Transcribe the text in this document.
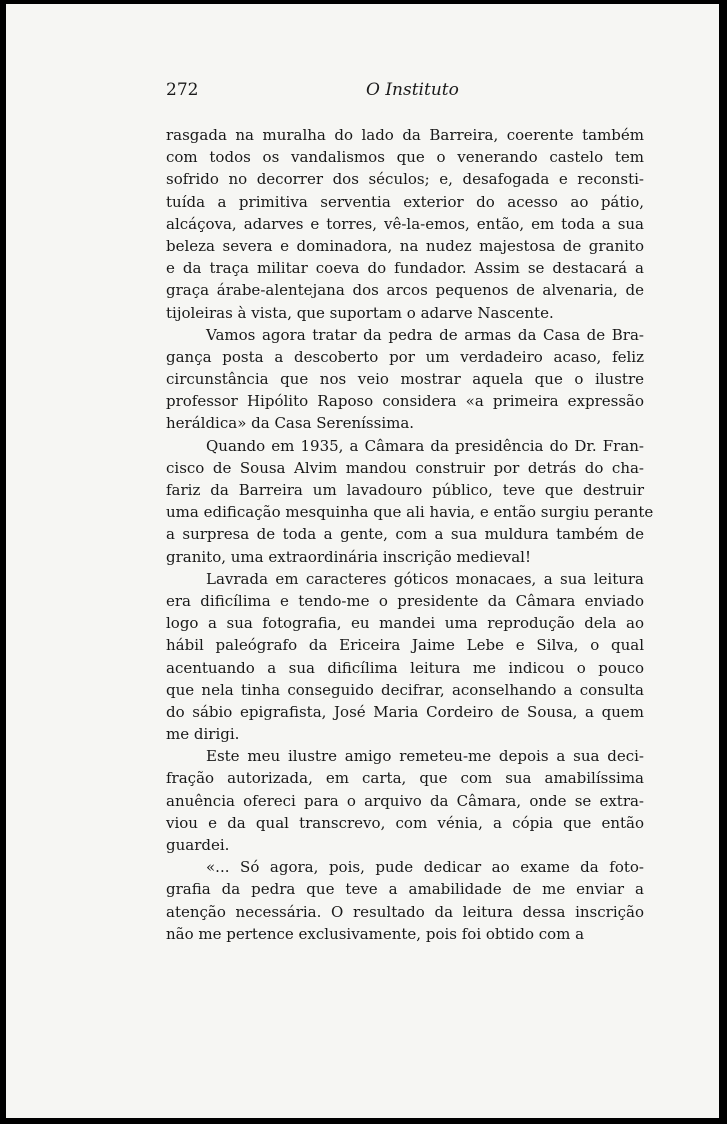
272	O Instituto
rasgada na muralha do lado da Barreira, coerente também
com todos os vandalismos que o venerando castelo tem
sofrido no decorrer dos séculos; e, desafogada e reconsti-
tuída a primitiva serventia exterior do acesso ao pátio,
alcáçova, adarves e torres, vê-la-emos, então, em toda a sua
beleza severa e dominadora, na nudez majestosa de granito
e da traça militar coeva do fundador. Assim se destacará a
graça árabe-alentejana dos arcos pequenos de alvenaria, de
tijoleiras à vista, que suportam o adarve Nascente.
Vamos agora tratar da pedra de armas da Casa de Bra-
gança posta a descoberto por um verdadeiro acaso, feliz
circunstância que nos veio mostrar aquela que o ilustre
professor Hipólito Raposo considera «a primeira expressão
heráldica» da Casa Sereníssima.
Quando em 1935, a Câmara da presidência do Dr. Fran-
cisco de Sousa Alvim mandou construir por detrás do cha-
fariz da Barreira um lavadouro público, teve que destruir
uma edificação mesquinha que ali havia, e então surgiu perante
a surpresa de toda a gente, com a sua muldura também de
granito, uma extraordinária inscrição medieval!
Lavrada em caracteres góticos monacaes, a sua leitura
era dificílima e tendo-me o presidente da Câmara enviado
logo a sua fotografia, eu mandei uma reprodução dela ao
hábil paleógrafo da Ericeira Jaime Lebe e Silva, o qual
acentuando a sua dificílima leitura me indicou o pouco
que nela tinha conseguido decifrar, aconselhando a consulta
do sábio epigrafista, José Maria Cordeiro de Sousa, a quem
me dirigi.
Este meu ilustre amigo remeteu-me depois a sua deci-
fração autorizada, em carta, que com sua amabilíssima
anuência ofereci para o arquivo da Câmara, onde se extra-
viou e da qual transcrevo, com vénia, a cópia que então
guardei.
«... Só agora, pois, pude dedicar ao exame da foto-
grafia da pedra que teve a amabilidade de me enviar a
atenção necessária. O resultado da leitura dessa inscrição
não me pertence exclusivamente, pois foi obtido com a
